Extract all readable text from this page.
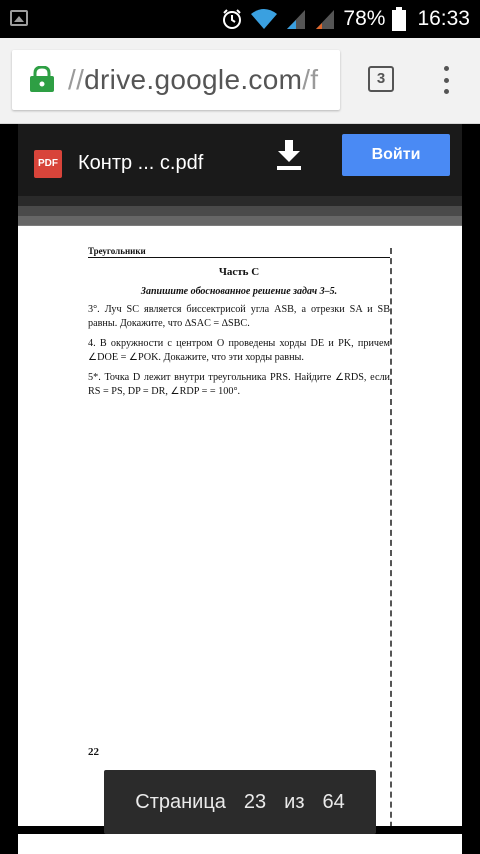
78% 16:33
//drive.google.com/f	3
PDF Контр ... с.pdf	Войти
Треугольники
Часть С
Запишите обоснованное решение задач 3–5.

3°. Луч SC является биссектрисой угла ASB, а отрезки SA и SB равны. Докажите, что ∆SAC = ∆SBC.

4. В окружности с центром O проведены хорды DE и PK, причем ∠DOE = ∠POK. Докажите, что эти хорды равны.

5*. Точка D лежит внутри треугольника PRS. Найдите ∠RDS, если RS = PS, DP = DR, ∠RDP = = 100°.

22
Страница 23 из 64
